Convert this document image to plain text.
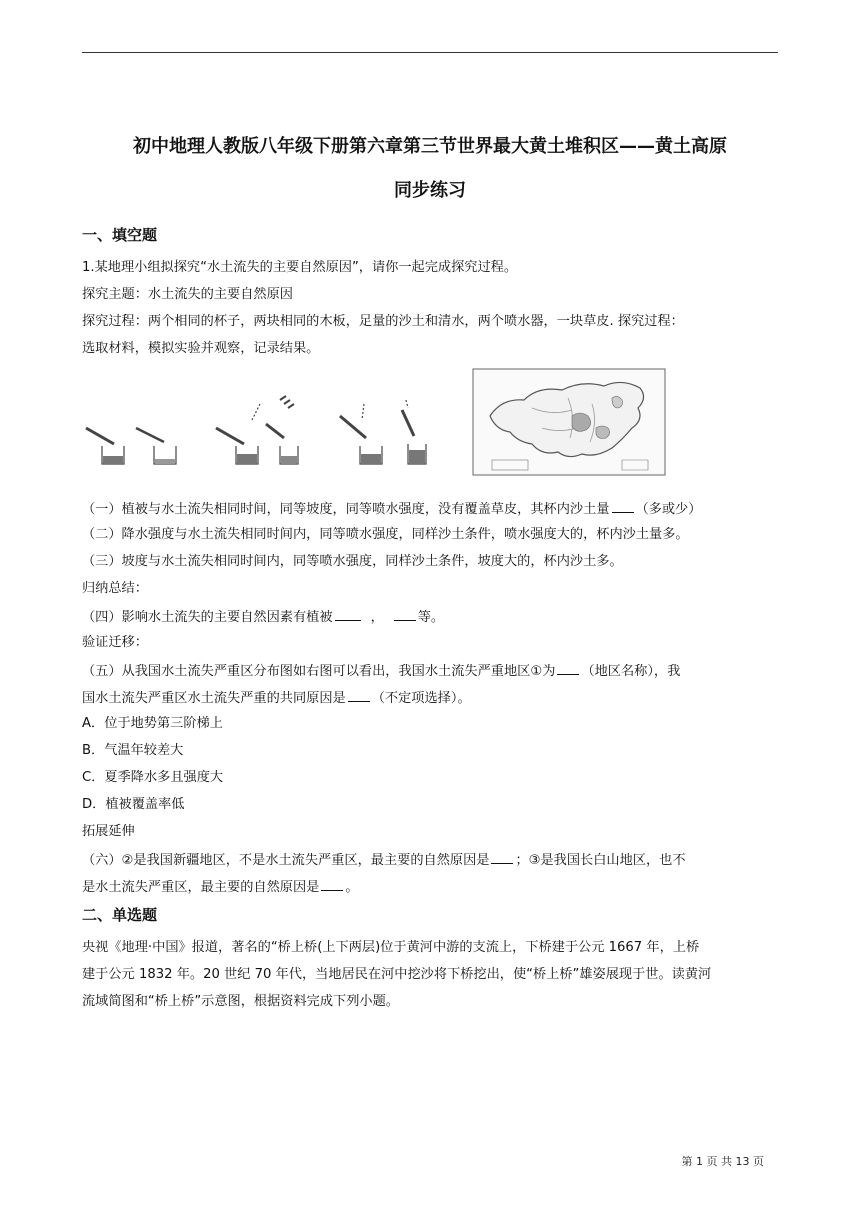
初中地理人教版八年级下册第六章第三节世界最大黄土堆积区——黄土高原
同步练习
一、填空题
1.某地理小组拟探究“水土流失的主要自然原因”，请你一起完成探究过程。
探究主题：水土流失的主要自然原因
探究过程：两个相同的杯子，两块相同的木板，足量的沙土和清水，两个喷水器，一块草皮. 探究过程：
选取材料，模拟实验并观察，记录结果。
（一）植被与水土流失相同时间，同等坡度，同等喷水强度，没有覆盖草皮，其杯内沙土量 （多或少）
（二）降水强度与水土流失相同时间内，同等喷水强度，同样沙土条件，喷水强度大的，杯内沙土量多。
（三）坡度与水土流失相同时间内，同等喷水强度，同样沙土条件，坡度大的，杯内沙土多。
归纳总结：
（四）影响水土流失的主要自然因素有植被	，	等。
验证迁移：
（五）从我国水土流失严重区分布图如右图可以看出，我国水土流失严重地区①为 （地区名称），我
国水土流失严重区水土流失严重的共同原因是 （不定项选择）。
A．位于地势第三阶梯上
B．气温年较差大
C．夏季降水多且强度大
D．植被覆盖率低
拓展延伸
（六）②是我国新疆地区，不是水土流失严重区，最主要的自然原因是 ；③是我国长白山地区，也不
是水土流失严重区，最主要的自然原因是 。
二、单选题
央视《地理·中国》报道，著名的“桥上桥(上下两层)位于黄河中游的支流上，下桥建于公元 1667 年，上桥
建于公元 1832 年。20 世纪 70 年代，当地居民在河中挖沙将下桥挖出，使“桥上桥”雄姿展现于世。读黄河
流域简图和“桥上桥”示意图，根据资料完成下列小题。
第 1 页 共 13 页
